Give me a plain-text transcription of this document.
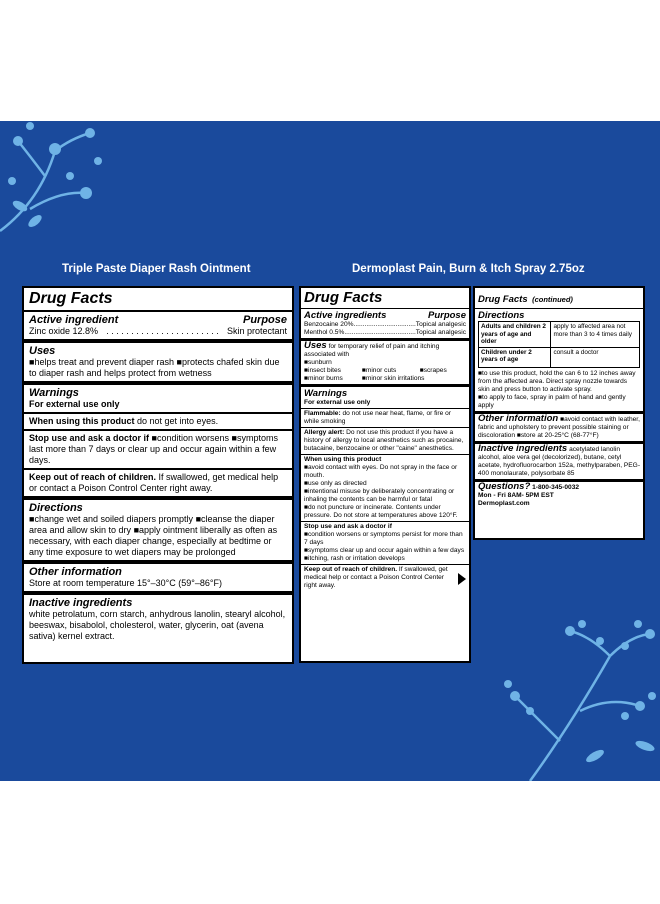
Triple Paste Diaper Rash Ointment	Dermoplast Pain, Burn & Itch Spray 2.75oz
Drug Facts
Active ingredient	Purpose
Zinc oxide 12.8% . . . . . . . . . . . . . . . . . . . . . . . Skin protectant
Uses
■ helps treat and prevent diaper rash ■ protects chafed skin due to diaper rash and helps protect from wetness
Warnings
For external use only
When using this product do not get into eyes.
Stop use and ask a doctor if ■ condition worsens ■ symptoms last more than 7 days or clear up and occur again within a few days.
Keep out of reach of children. If swallowed, get medical help or contact a Poison Control Center right away.
Directions
■ change wet and soiled diapers promptly ■ cleanse the diaper area and allow skin to dry ■ apply ointment liberally as often as necessary, with each diaper change, especially at bedtime or any time exposure to wet diapers may be prolonged
Other information
Store at room temperature 15°–30°C (59°–86°F)
Inactive ingredients
white petrolatum, corn starch, anhydrous lanolin, stearyl alcohol, beeswax, bisabolol, cholesterol, water, glycerin, oat (avena sativa) kernel extract.
Drug Facts
Active ingredients	Purpose
Benzocaine 20% .................................. Topical analgesic
Menthol 0.5% ....................................... Topical analgesic
Uses for temporary relief of pain and itching associated with
■ sunburn
■ insect bites	■ minor cuts	■ scrapes
■ minor burns	■ minor skin irritations
Warnings
For external use only
Flammable: do not use near heat, flame, or fire or while smoking
Allergy alert: Do not use this product if you have a history of allergy to local anesthetics such as procaine, butacaine, benzocaine or other "caine" anesthetics.
When using this product
■ avoid contact with eyes. Do not spray in the face or mouth.
■ use only as directed
■ intentional misuse by deliberately concentrating or inhaling the contents can be harmful or fatal
■ do not puncture or incinerate. Contents under pressure. Do not store at temperatures above 120°F.
Stop use and ask a doctor if
■ condition worsens or symptoms persist for more than 7 days
■ symptoms clear up and occur again within a few days
■ itching, rash or irritation develops
Keep out of reach of children. If swallowed, get medical help or contact a Poison Control Center right away.
Drug Facts (continued)
Directions
Adults and children 2 years of age and older	apply to affected area not more than 3 to 4 times daily
Children under 2 years of age	consult a doctor
■ to use this product, hold the can 6 to 12 inches away from the affected area. Direct spray nozzle towards skin and press button to activate spray.
■ to apply to face, spray in palm of hand and gently apply
Other information ■ avoid contact with leather, fabric and upholstery to prevent possible staining or discoloration ■ store at 20-25°C (68-77°F)
Inactive ingredients acetylated lanolin alcohol, aloe vera gel (decolorized), butane, cetyl acetate, hydrofluorocarbon 152a, methylparaben, PEG-400 monolaurate, polysorbate 85
Questions? 1-800-345-0032
Mon - Fri 8AM- 5PM EST
Dermoplast.com
